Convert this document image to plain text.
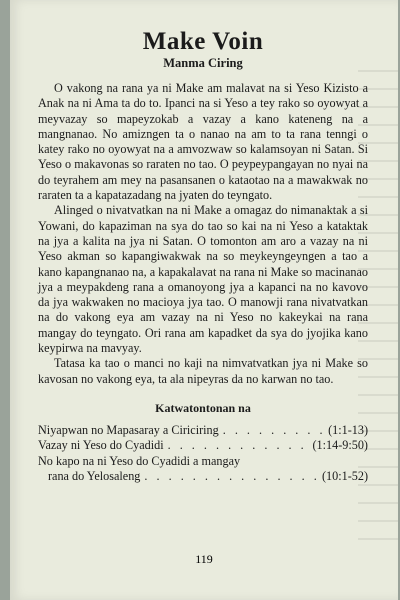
Make Voin
Manma Ciring

O vakong na rana ya ni Make am malavat na si Yeso Kizisto a Anak na ni Ama ta do to. Ipanci na si Yeso a tey rako so oyowyat a meyvazay so mapeyzokab a vazay a kano kateneng na a mangnanao. No amizngen ta o nanao na am to ta rana tenngi o katey rako no oyowyat na a amvozwaw so kalamsoyan ni Satan. Si Yeso o makavonas so raraten no tao. O peypeypangayan no nyai na do teyrahem am mey na pasansanen o kataotao na a mawakwak no raraten ta a kapatazadang na jyaten do teyngato.

Alinged o nivatvatkan na ni Make a omagaz do nimanaktak a si Yowani, do kapaziman na sya do tao so kai na ni Yeso a kataktak na jya a kalita na jya ni Satan. O tomonton am aro a vazay na ni Yeso akman so kapangiwakwak na so meykeyngeyngen a tao a kano kapangnanao na, a kapakalavat na rana ni Make so macinanao jya a meypakdeng rana a omanoyong jya a kapanci na no kavovo da jya wakwaken no macioya jya tao. O manowji rana nivatvatkan na do vakong eya am vazay na ni Yeso no kakeykai na rana mangay do teyngato. Ori rana am kapadket da sya do jyojika kano keypirwa na mavyay.

Tatasa ka tao o manci no kaji na nimvatvatkan jya ni Make so kavosan no vakong eya, ta ala nipeyras da no karwan no tao.

Katwatontonan na
Niyapwan no Mapasaray a Ciriciring . . .	(1:1-13)
Vazay ni Yeso do Cyadidi . . .	(1:14-9:50)
No kapo na ni Yeso do Cyadidi a mangay
rana do Yelosaleng . . .	(10:1-52)
119
